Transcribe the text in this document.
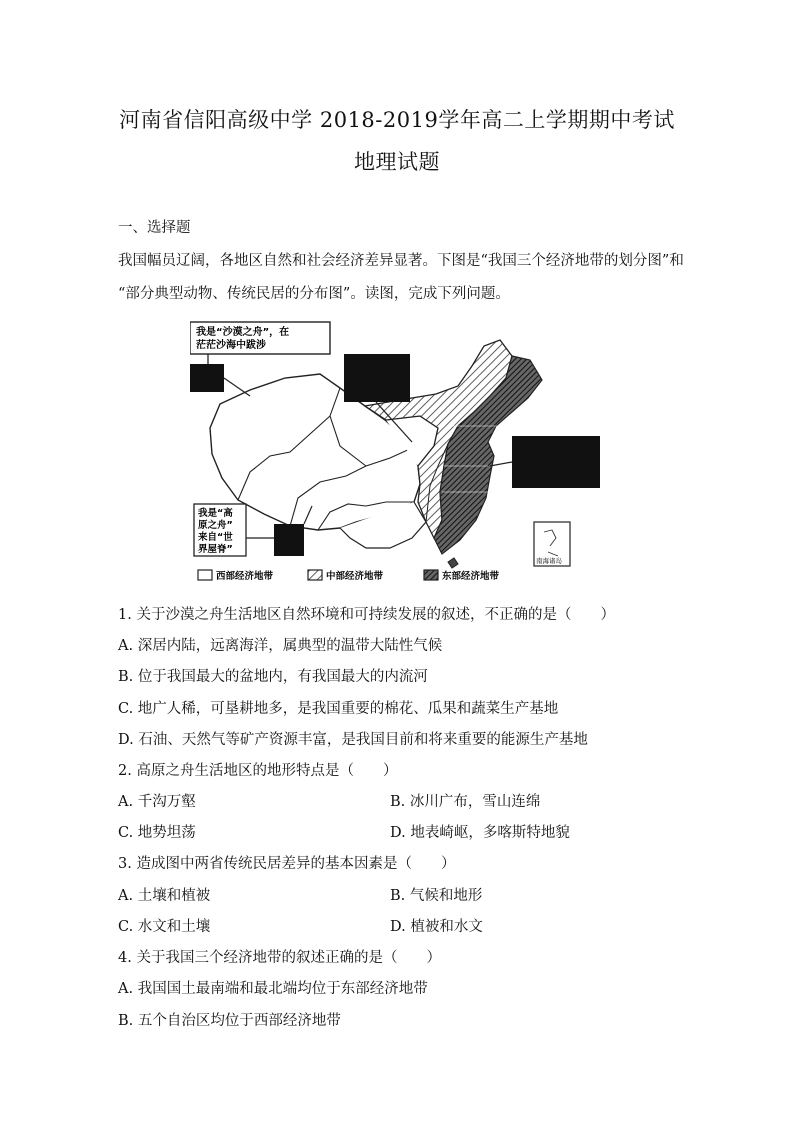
河南省信阳高级中学 2018-2019学年高二上学期期中考试
地理试题
一、选择题
我国幅员辽阔，各地区自然和社会经济差异显著。下图是“我国三个经济地带的划分图”和
“部分典型动物、传统民居的分布图”。读图，完成下列问题。
我是“沙漠之舟”，在
茫茫沙海中跋涉
我是“高
原之舟”
来自“世
界屋脊”
南海诸岛
西部经济地带	中部经济地带	东部经济地带
1. 关于沙漠之舟生活地区自然环境和可持续发展的叙述，不正确的是（　　）
A. 深居内陆，远离海洋，属典型的温带大陆性气候
B. 位于我国最大的盆地内，有我国最大的内流河
C. 地广人稀，可垦耕地多，是我国重要的棉花、瓜果和蔬菜生产基地
D. 石油、天然气等矿产资源丰富，是我国目前和将来重要的能源生产基地
2. 高原之舟生活地区的地形特点是（　　）
A. 千沟万壑	B. 冰川广布，雪山连绵
C. 地势坦荡	D. 地表崎岖，多喀斯特地貌
3. 造成图中两省传统民居差异的基本因素是（　　）
A. 土壤和植被	B. 气候和地形
C. 水文和土壤	D. 植被和水文
4. 关于我国三个经济地带的叙述正确的是（　　）
A. 我国国土最南端和最北端均位于东部经济地带
B. 五个自治区均位于西部经济地带
